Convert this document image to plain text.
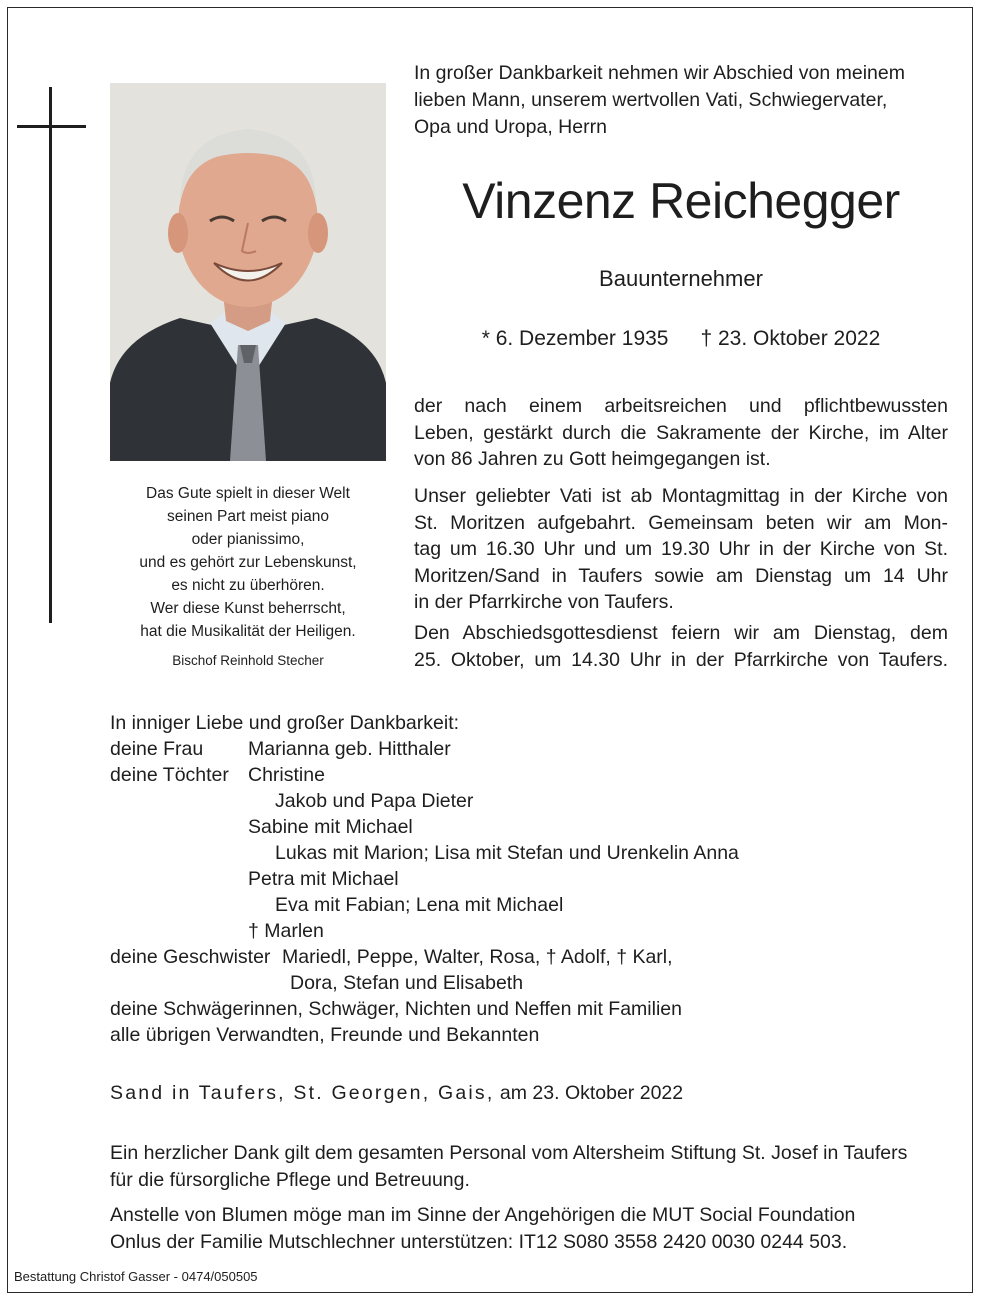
Das Gute spielt in dieser Welt
seinen Part meist piano
oder pianissimo,
und es gehört zur Lebenskunst,
es nicht zu überhören.
Wer diese Kunst beherrscht,
hat die Musikalität der Heiligen.
Bischof Reinhold Stecher
In großer Dankbarkeit nehmen wir Abschied von meinem
lieben Mann, unserem wertvollen Vati, Schwiegervater,
Opa und Uropa, Herrn
Vinzenz Reichegger
Bauunternehmer
* 6. Dezember 1935 † 23. Oktober 2022
der nach einem arbeitsreichen und pflichtbewussten
Leben, gestärkt durch die Sakramente der Kirche, im Alter
von 86 Jahren zu Gott heimgegangen ist.
Unser geliebter Vati ist ab Montagmittag in der Kirche von
St. Moritzen aufgebahrt. Gemeinsam beten wir am Mon-
tag um 16.30 Uhr und um 19.30 Uhr in der Kirche von St.
Moritzen/Sand in Taufers sowie am Dienstag um 14 Uhr
in der Pfarrkirche von Taufers.
Den Abschiedsgottesdienst feiern wir am Dienstag, dem
25. Oktober, um 14.30 Uhr in der Pfarrkirche von Taufers.
In inniger Liebe und großer Dankbarkeit:
deine Frau Marianna geb. Hitthaler
deine Töchter Christine
Jakob und Papa Dieter
Sabine mit Michael
Lukas mit Marion; Lisa mit Stefan und Urenkelin Anna
Petra mit Michael
Eva mit Fabian; Lena mit Michael
† Marlen
deine Geschwister Mariedl, Peppe, Walter, Rosa, † Adolf, † Karl,
Dora, Stefan und Elisabeth
deine Schwägerinnen, Schwäger, Nichten und Neffen mit Familien
alle übrigen Verwandten, Freunde und Bekannten
Sand in Taufers, St. Georgen, Gais, am 23. Oktober 2022
Ein herzlicher Dank gilt dem gesamten Personal vom Altersheim Stiftung St. Josef in Taufers
für die fürsorgliche Pflege und Betreuung.
Anstelle von Blumen möge man im Sinne der Angehörigen die MUT Social Foundation
Onlus der Familie Mutschlechner unterstützen: IT12 S080 3558 2420 0030 0244 503.
Bestattung Christof Gasser - 0474/050505
